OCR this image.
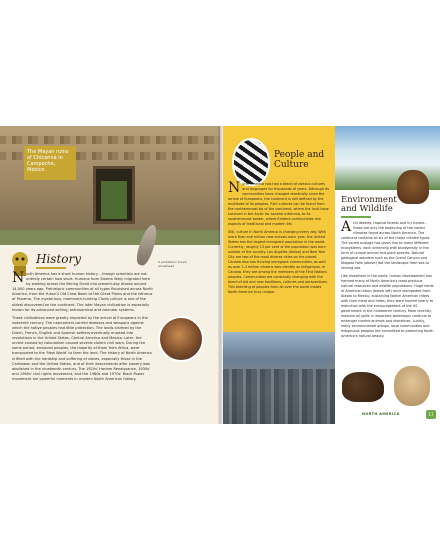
The Mayan ruins of Chicanná in Campeche, Mexico
History	A prehistoric Clovis arrowhead

North America has a short human history – though scientists are not entirely certain how short. Humans from Siberia likely migrated here by walking across the Bering Strait into present-day Alaska around 14,000 years ago. Prehistoric communities of all types flourished across North America, from the Yukon's Old Crow Basin to the Great Plains and the Isthmus of Panama. The mysterious, mammoth-hunting Clovis culture is one of the oldest discovered on the continent. The later Mayan civilization is especially known for its advanced writing, astronomical and calendar systems.

These civilizations were greatly impacted by the arrival of Europeans in the sixteenth century. The newcomers carried diseases and weapons against which the native peoples had little protection. The lands claimed by the Dutch, French, English and Spanish settlers eventually erupted into revolutions in the United States, Central America and Mexico. Later, the unrest caused by colonialism caused several violent civil wars. During the same period, enslaved peoples, the majority of them from Africa, were transported to the 'New World' to farm the land. The history of North America is filled with the hardship and suffering of slaves, especially those in the Caribbean and the United States, and of their descendants after slavery was abolished in the nineteenth century. The 1920s' Harlem Renaissance, 1930s' and 1960s' civil rights movement, and the 1960s and 1970s' Black Power movement are powerful moments in modern North American history.

People and
Culture

North America has had a blend of various cultures and languages for thousands of years. Although its communities have changed drastically since the arrival of Europeans, the continent is still defined by the multitude of its peoples. Rich cultures can be found from the northernmost tip of the continent, where the Inuit have survived in the Arctic for several millennia, to its southernmost border, where Emberá communities mix aspects of traditional and modern life.

Still, culture in North America is changing every day. With more than one million new arrivals each year, the United States has the largest immigrant population in the world. Currently, roughly 13 per cent of the population was born outside of the country. Los Angeles (below) and New York City are two of the most diverse cities on the planet. Canada also has thriving immigrant communities, as well as over 1.4 million citizens who identify as Indigenous. In Canada, they are among the members of the First Nations peoples. Communities are constantly changing with the blend of old and new traditions, cultures and perspectives. This blending of peoples from all over the world makes North America truly unique.

Environment
and Wildlife

Arid deserts, tropical forests and icy tundra – these are only the beginning of the varied climates found across North America. The continent contains all six of the major climate types. The varied ecology has given rise to many different ecosystems, each brimming with biodiversity in the form of unique animal and plant species. Natural geological wonders such as the Grand Canyon and Niagara Falls (above) dot the landscape from sea to shining sea.

Like elsewhere in the world, human development has harmed many of North America's most precious natural resources and wildlife populations. Huge herds of American bison (below left) once stampeded from Alaska to Mexico, sustaining Native American tribes with their meat and hides; they were hunted nearly to extinction with the encouragement of the US government in the nineteenth century. More recently, massive oil spills in important waterways continue to endanger marine animals and shorelines. Luckily, many environmental groups, local communities and Indigenous peoples are committed to protecting North America's natural beauty.

NORTH AMERICA	17
